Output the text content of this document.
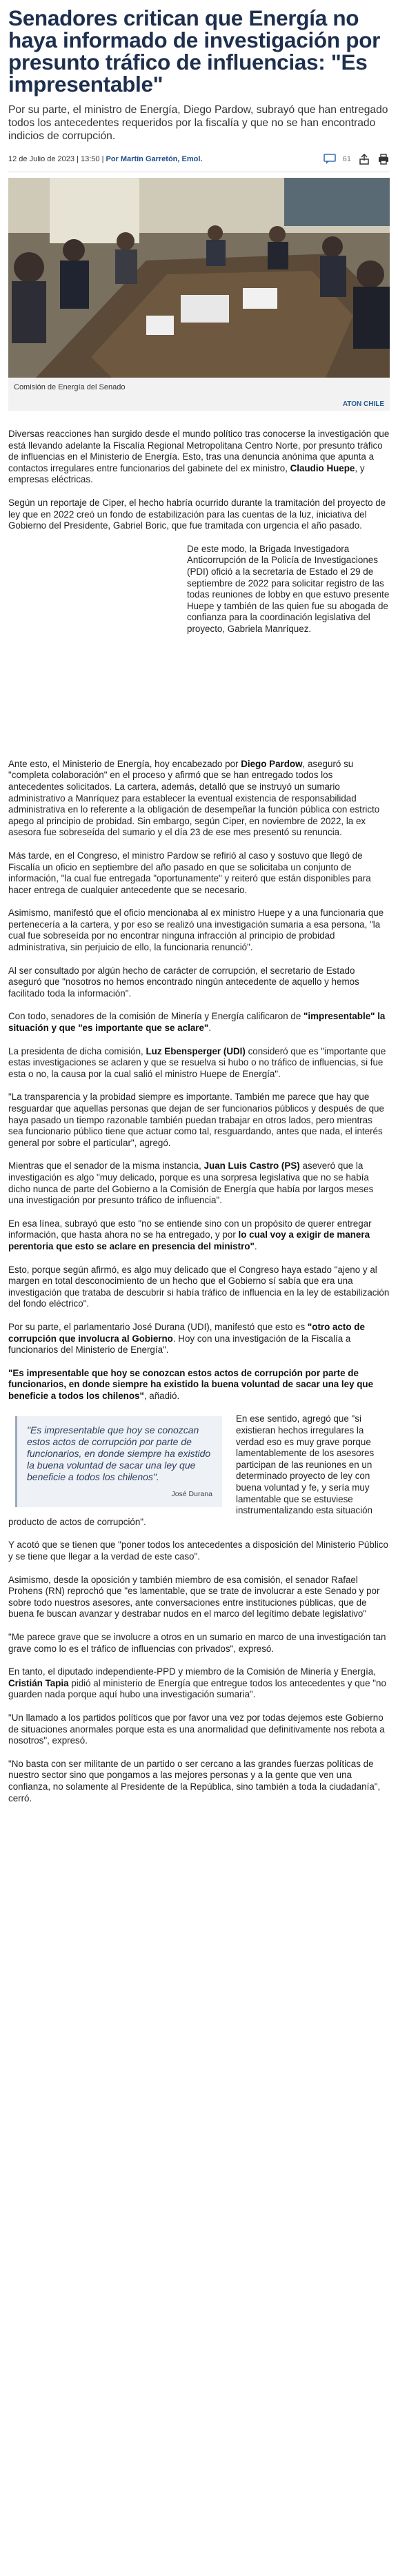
Senadores critican que Energía no haya informado de investigación por presunto tráfico de influencias: "Es impresentable"

Por su parte, el ministro de Energía, Diego Pardow, subrayó que han entregado todos los antecedentes requeridos por la fiscalía y que no se han encontrado indicios de corrupción.

12 de Julio de 2023 | 13:50 | Por Martín Garretón, Emol.	61
Comisión de Energía del Senado
ATON CHILE

Diversas reacciones han surgido desde el mundo político tras conocerse la investigación que está llevando adelante la Fiscalía Regional Metropolitana Centro Norte, por presunto tráfico de influencias en el Ministerio de Energía. Esto, tras una denuncia anónima que apunta a contactos irregulares entre funcionarios del gabinete del ex ministro, Claudio Huepe, y empresas eléctricas.

Según un reportaje de Ciper, el hecho habría ocurrido durante la tramitación del proyecto de ley que en 2022 creó un fondo de estabilización para las cuentas de la luz, iniciativa del Gobierno del Presidente, Gabriel Boric, que fue tramitada con urgencia el año pasado.

De este modo, la Brigada Investigadora Anticorrupción de la Policía de Investigaciones (PDI) ofició a la secretaría de Estado el 29 de septiembre de 2022 para solicitar registro de las todas reuniones de lobby en que estuvo presente Huepe y también de las quien fue su abogada de confianza para la coordinación legislativa del proyecto, Gabriela Manríquez.

Ante esto, el Ministerio de Energía, hoy encabezado por Diego Pardow, aseguró su "completa colaboración" en el proceso y afirmó que se han entregado todos los antecedentes solicitados. La cartera, además, detalló que se instruyó un sumario administrativo a Manríquez para establecer la eventual existencia de responsabilidad administrativa en lo referente a la obligación de desempeñar la función pública con estricto apego al principio de probidad. Sin embargo, según Ciper, en noviembre de 2022, la ex asesora fue sobreseída del sumario y el día 23 de ese mes presentó su renuncia.

Más tarde, en el Congreso, el ministro Pardow se refirió al caso y sostuvo que llegó de Fiscalía un oficio en septiembre del año pasado en que se solicitaba un conjunto de información, "la cual fue entregada "oportunamente" y reiteró que están disponibles para hacer entrega de cualquier antecedente que se necesario.

Asimismo, manifestó que el oficio mencionaba al ex ministro Huepe y a una funcionaria que pertenecería a la cartera, y por eso se realizó una investigación sumaria a esa persona, "la cual fue sobreseída por no encontrar ninguna infracción al principio de probidad administrativa, sin perjuicio de ello, la funcionaria renunció".

Al ser consultado por algún hecho de carácter de corrupción, el secretario de Estado aseguró que "nosotros no hemos encontrado ningún antecedente de aquello y hemos facilitado toda la información".

Con todo, senadores de la comisión de Minería y Energía calificaron de "impresentable" la situación y que "es importante que se aclare".

La presidenta de dicha comisión, Luz Ebensperger (UDI) consideró que es "importante que estas investigaciones se aclaren y que se resuelva si hubo o no tráfico de influencias, si fue esta o no, la causa por la cual salió el ministro Huepe de Energía".

"La transparencia y la probidad siempre es importante. También me parece que hay que resguardar que aquellas personas que dejan de ser funcionarios públicos y después de que haya pasado un tiempo razonable también puedan trabajar en otros lados, pero mientras sea funcionario público tiene que actuar como tal, resguardando, antes que nada, el interés general por sobre el particular", agregó.

Mientras que el senador de la misma instancia, Juan Luis Castro (PS) aseveró que la investigación es algo "muy delicado, porque es una sorpresa legislativa que no se había dicho nunca de parte del Gobierno a la Comisión de Energía que había por largos meses una investigación por presunto tráfico de influencia".

En esa línea, subrayó que esto "no se entiende sino con un propósito de querer entregar información, que hasta ahora no se ha entregado, y por lo cual voy a exigir de manera perentoria que esto se aclare en presencia del ministro".

Esto, porque según afirmó, es algo muy delicado que el Congreso haya estado "ajeno y al margen en total desconocimiento de un hecho que el Gobierno sí sabía que era una investigación que trataba de descubrir si había tráfico de influencia en la ley de estabilización del fondo eléctrico".

Por su parte, el parlamentario José Durana (UDI), manifestó que esto es "otro acto de corrupción que involucra al Gobierno. Hoy con una investigación de la Fiscalía a funcionarios del Ministerio de Energía".

"Es impresentable que hoy se conozcan estos actos de corrupción por parte de funcionarios, en donde siempre ha existido la buena voluntad de sacar una ley que beneficie a todos los chilenos", añadió.

"Es impresentable que hoy se conozcan estos actos de corrupción por parte de funcionarios, en donde siempre ha existido la buena voluntad de sacar una ley que beneficie a todos los chilenos".
José Durana

En ese sentido, agregó que "si existieran hechos irregulares la verdad eso es muy grave porque lamentablemente de los asesores participan de las reuniones en un determinado proyecto de ley con buena voluntad y fe, y sería muy lamentable que se estuviese instrumentalizando esta situación producto de actos de corrupción".

Y acotó que se tienen que "poner todos los antecedentes a disposición del Ministerio Público y se tiene que llegar a la verdad de este caso".

Asimismo, desde la oposición y también miembro de esa comisión, el senador Rafael Prohens (RN) reprochó que "es lamentable, que se trate de involucrar a este Senado y por sobre todo nuestros asesores, ante conversaciones entre instituciones públicas, que de buena fe buscan avanzar y destrabar nudos en el marco del legítimo debate legislativo"

"Me parece grave que se involucre a otros en un sumario en marco de una investigación tan grave como lo es el tráfico de influencias con privados", expresó.

En tanto, el diputado independiente-PPD y miembro de la Comisión de Minería y Energía, Cristián Tapia pidió al ministerio de Energía que entregue todos los antecedentes y que "no guarden nada porque aquí hubo una investigación sumaria".

"Un llamado a los partidos políticos que por favor una vez por todas dejemos este Gobierno de situaciones anormales porque esta es una anormalidad que definitivamente nos rebota a nosotros", expresó.

"No basta con ser militante de un partido o ser cercano a las grandes fuerzas políticas de nuestro sector sino que pongamos a las mejores personas y a la gente que ven una confianza, no solamente al Presidente de la República, sino también a toda la ciudadanía", cerró.
